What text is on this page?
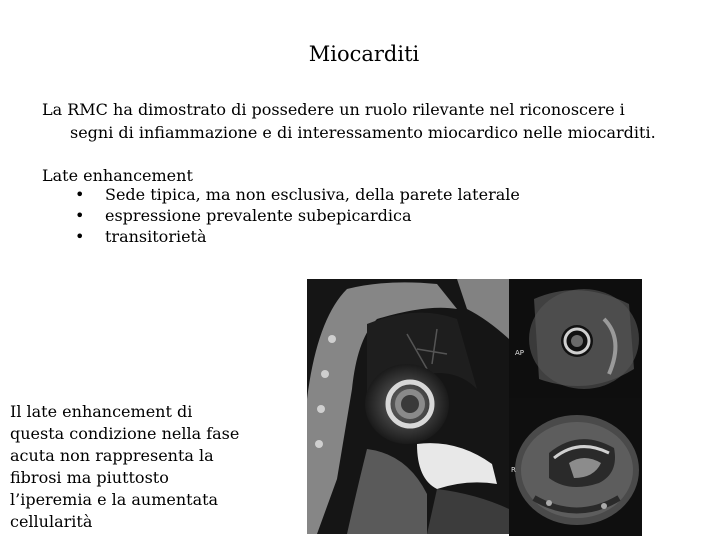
Miocarditi
La RMC ha dimostrato di possedere un ruolo rilevante nel riconoscere i
segni di infiammazione e di interessamento miocardico nelle miocarditi.
Late enhancement
• Sede tipica, ma non esclusiva, della parete laterale
• espressione prevalente subepicardica
• transitorietà
Il late enhancement di
questa condizione nella fase
acuta non rappresenta la
fibrosi ma piuttosto
l’iperemia e la aumentata
cellularità
AP
R
